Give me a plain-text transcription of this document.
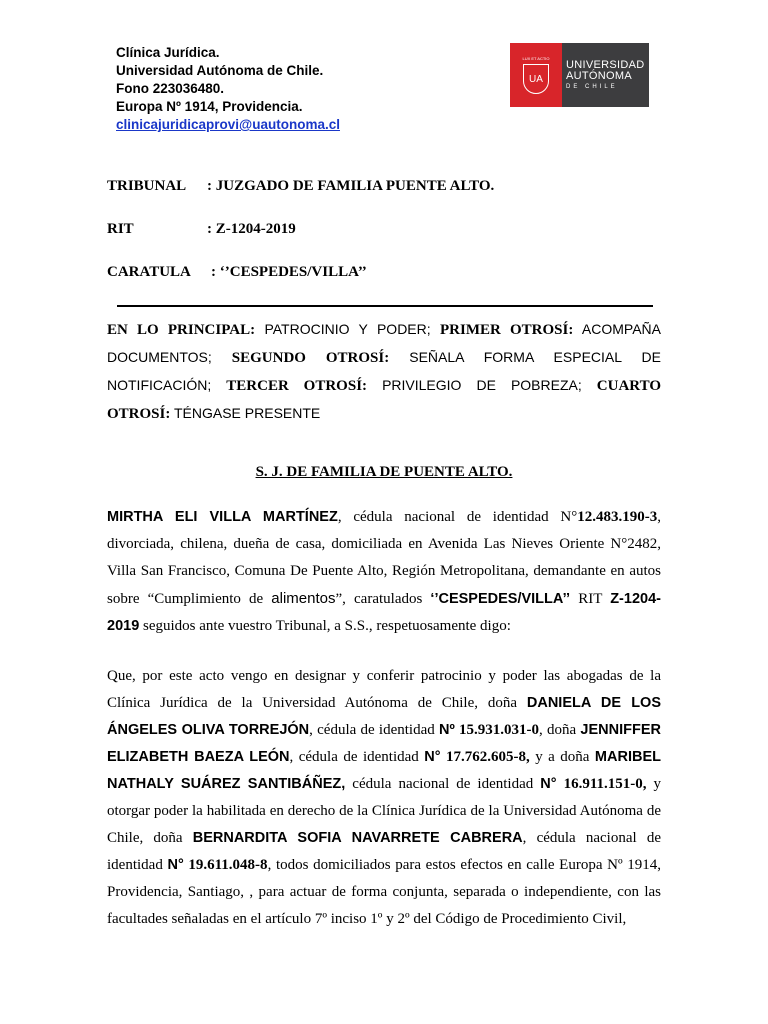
Clínica Jurídica.
Universidad Autónoma de Chile.
Fono 223036480.
Europa Nº 1914, Providencia.
clinicajuridicaprovi@uautonoma.cl
LUX ET ACTIO
UA
UNIVERSIDAD
AUTÓNOMA
DE CHILE
TRIBUNAL : JUZGADO DE FAMILIA PUENTE ALTO.
RIT	: Z-1204-2019
CARATULA : ‘’CESPEDES/VILLA’’
EN LO PRINCIPAL: PATROCINIO Y PODER; PRIMER OTROSÍ: ACOMPAÑA DOCUMENTOS; SEGUNDO OTROSÍ: SEÑALA FORMA ESPECIAL DE NOTIFICACIÓN; TERCER OTROSÍ: PRIVILEGIO DE POBREZA; CUARTO OTROSÍ: TÉNGASE PRESENTE
S. J. DE FAMILIA DE PUENTE ALTO.
MIRTHA ELI VILLA MARTÍNEZ, cédula nacional de identidad N°12.483.190-3, divorciada, chilena, dueña de casa, domiciliada en Avenida Las Nieves Oriente N°2482, Villa San Francisco, Comuna De Puente Alto, Región Metropolitana, demandante en autos sobre “Cumplimiento de alimentos”, caratulados ‘’CESPEDES/VILLA’’ RIT Z-1204-2019 seguidos ante vuestro Tribunal, a S.S., respetuosamente digo:
Que, por este acto vengo en designar y conferir patrocinio y poder las abogadas de la Clínica Jurídica de la Universidad Autónoma de Chile, doña DANIELA DE LOS ÁNGELES OLIVA TORREJÓN, cédula de identidad Nº 15.931.031-0, doña JENNIFFER ELIZABETH BAEZA LEÓN, cédula de identidad N° 17.762.605-8, y a doña MARIBEL NATHALY SUÁREZ SANTIBÁÑEZ, cédula nacional de identidad N° 16.911.151-0, y otorgar poder la habilitada en derecho de la Clínica Jurídica de la Universidad Autónoma de Chile, doña BERNARDITA SOFIA NAVARRETE CABRERA, cédula nacional de identidad N° 19.611.048-8, todos domiciliados para estos efectos en calle Europa Nº 1914, Providencia, Santiago, , para actuar de forma conjunta, separada o independiente, con las facultades señaladas en el artículo 7º inciso 1º y 2º del Código de Procedimiento Civil,
